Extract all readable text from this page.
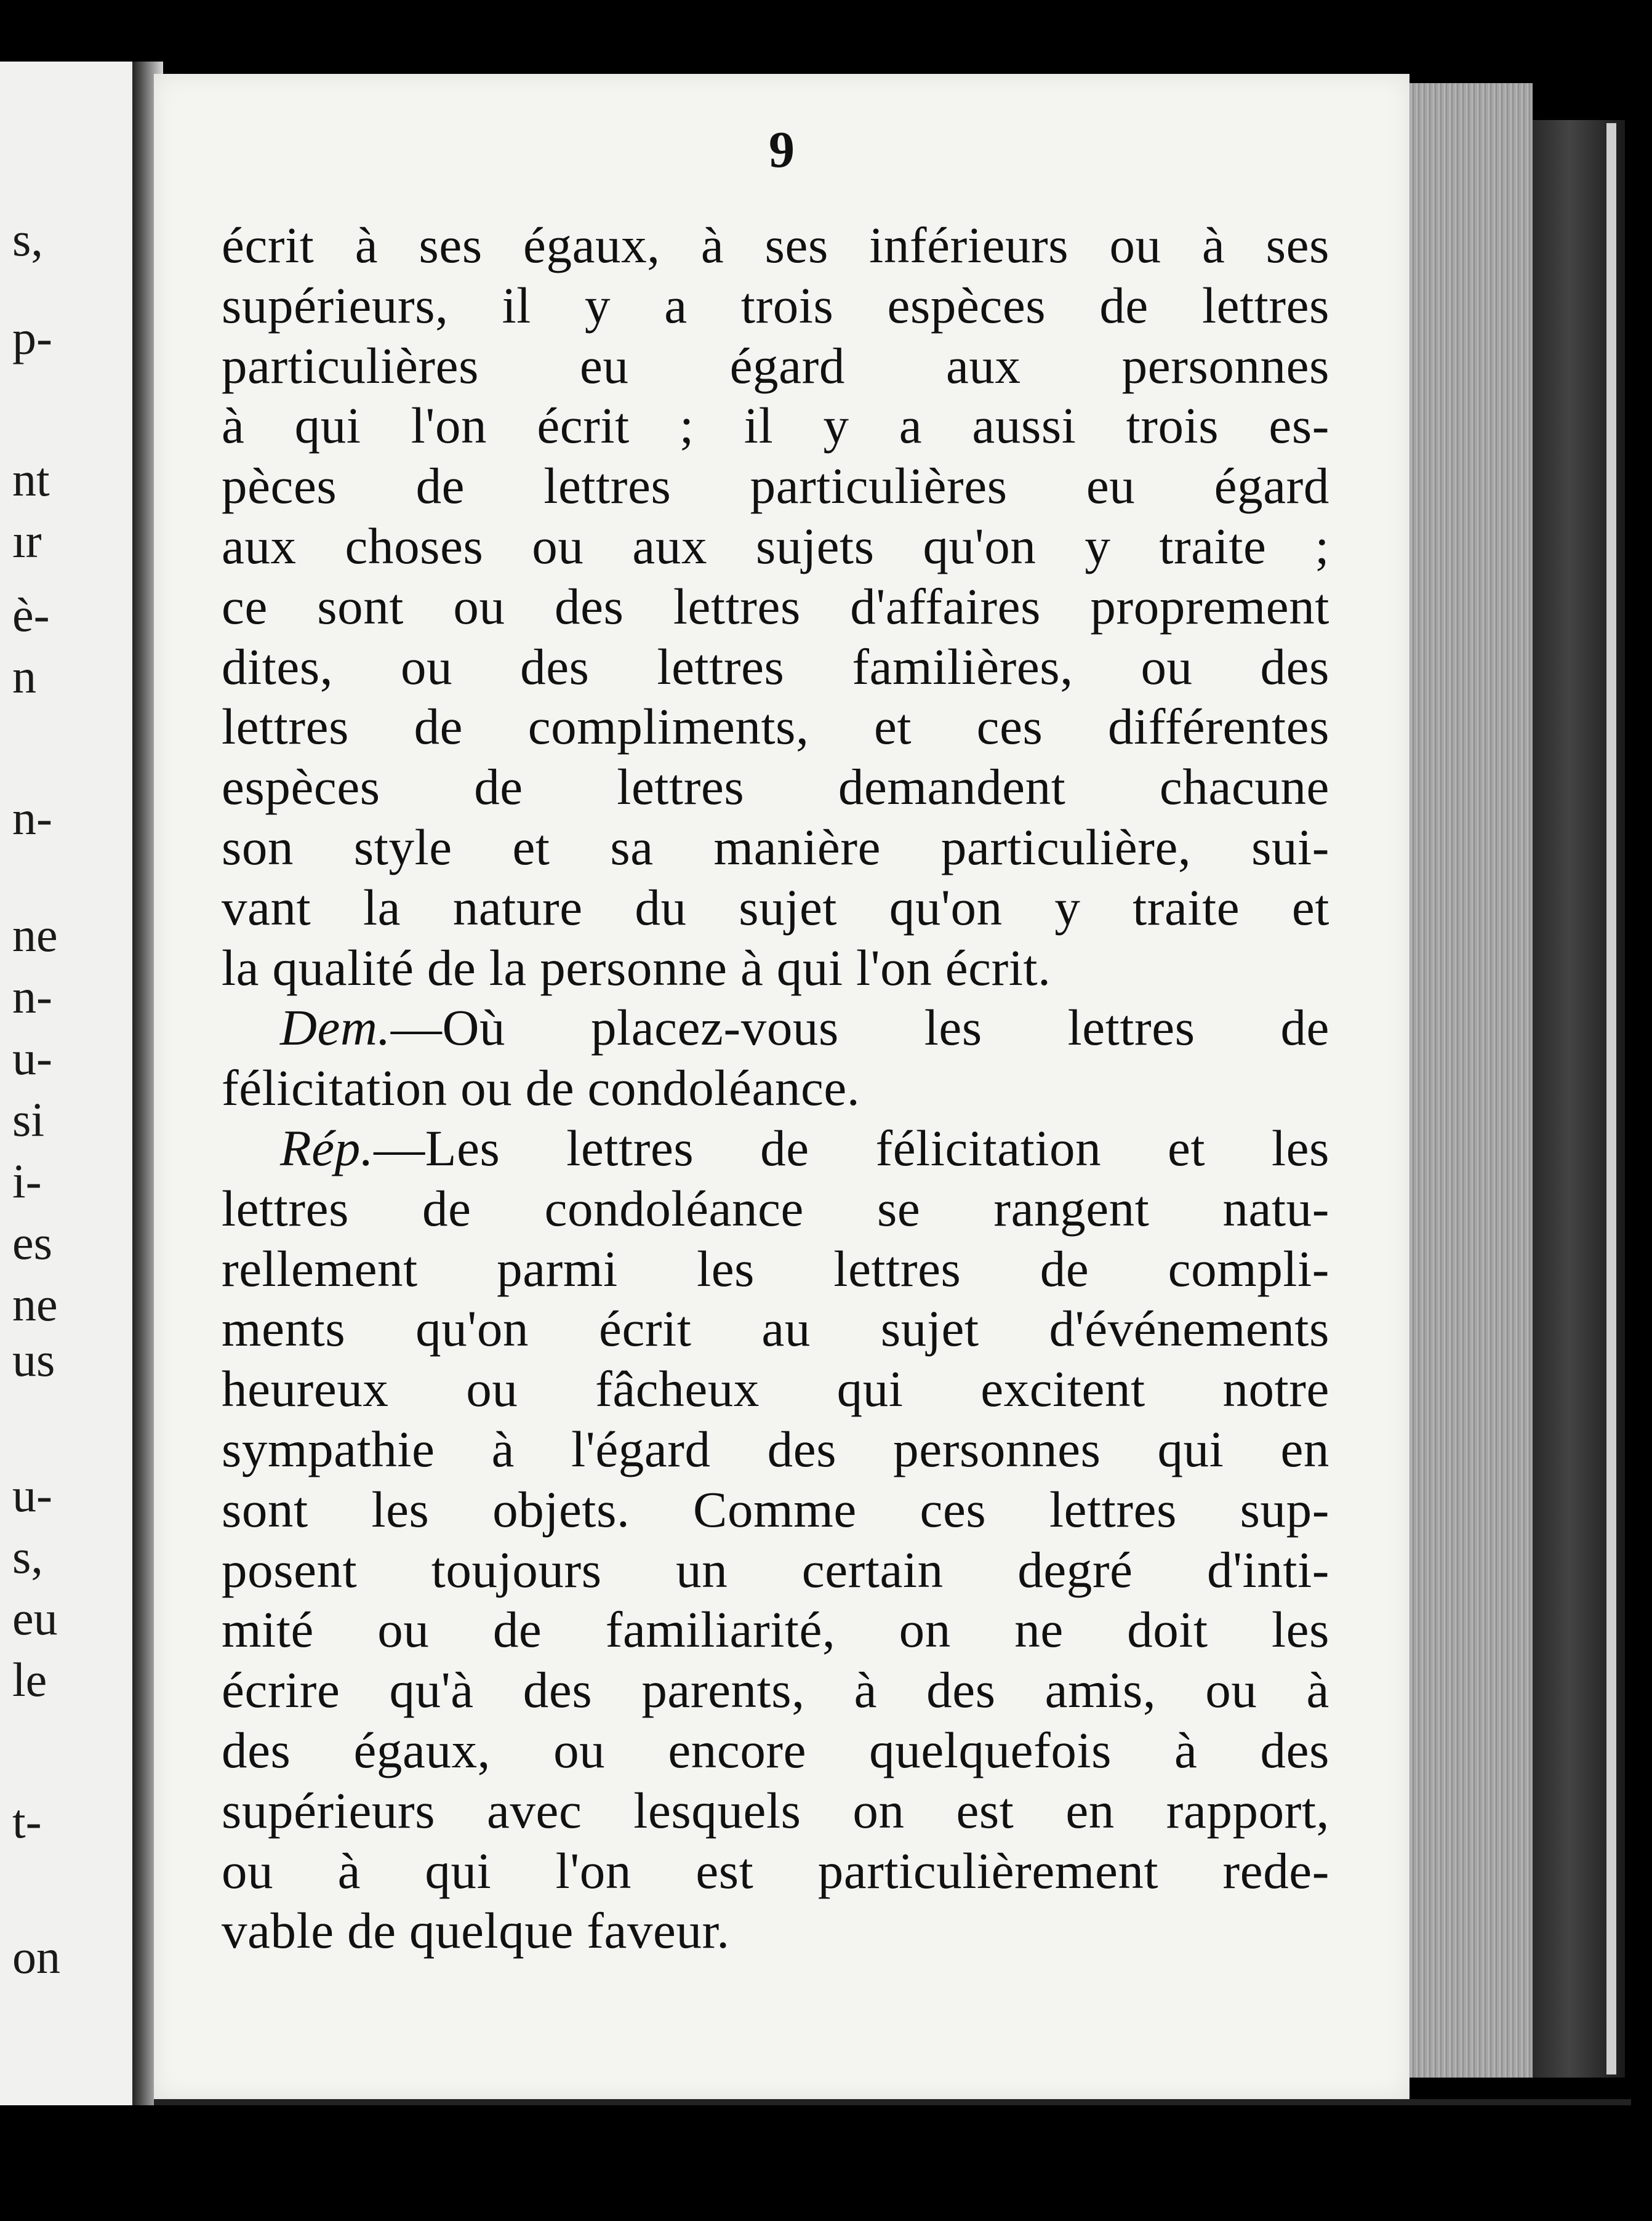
s,
p-
nt
ır
è-
n
n-
ne
n-
u-
si
i-
es
ne
us
u-
s,
eu
le
t-
on
9
écrit à ses égaux, à ses inférieurs ou à ses
supérieurs, il y a trois espèces de lettres
particulières eu égard aux personnes
à qui l'on écrit ; il y a aussi trois es-
pèces de lettres particulières eu égard
aux choses ou aux sujets qu'on y traite ;
ce sont ou des lettres d'affaires proprement
dites, ou des lettres familières, ou des
lettres de compliments, et ces différentes
espèces de lettres demandent chacune
son style et sa manière particulière, sui-
vant la nature du sujet qu'on y traite et
la qualité de la personne à qui l'on écrit.
Dem.—Où placez-vous les lettres de
félicitation ou de condoléance.
Rép.—Les lettres de félicitation et les
lettres de condoléance se rangent natu-
rellement parmi les lettres de compli-
ments qu'on écrit au sujet d'événements
heureux ou fâcheux qui excitent notre
sympathie à l'égard des personnes qui en
sont les objets. Comme ces lettres sup-
posent toujours un certain degré d'inti-
mité ou de familiarité, on ne doit les
écrire qu'à des parents, à des amis, ou à
des égaux, ou encore quelquefois à des
supérieurs avec lesquels on est en rapport,
ou à qui l'on est particulièrement rede-
vable de quelque faveur.
